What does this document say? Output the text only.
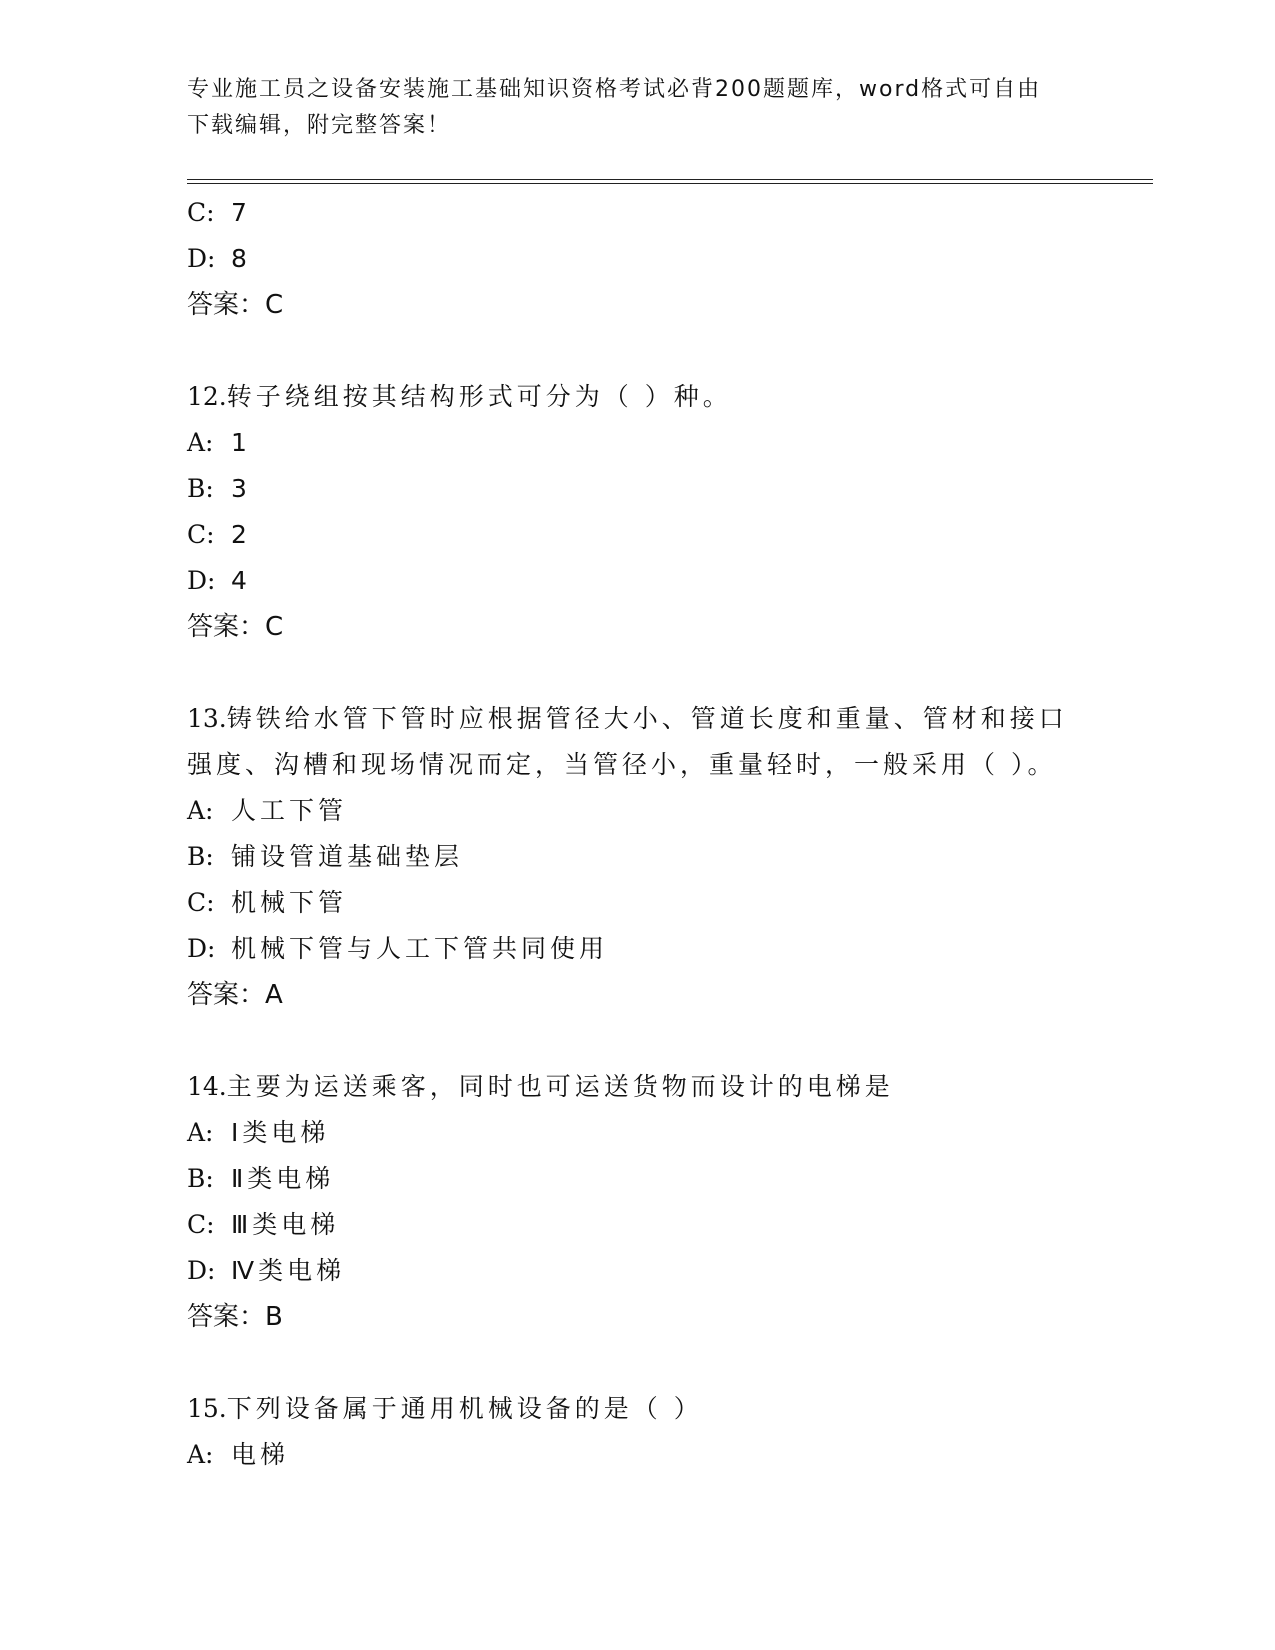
专业施工员之设备安装施工基础知识资格考试必背200题题库，word格式可自由
下载编辑，附完整答案！
C: 7
D: 8
答案：C
12.转子绕组按其结构形式可分为（ ）种。
A: 1
B: 3
C: 2
D: 4
答案：C
13.铸铁给水管下管时应根据管径大小、管道长度和重量、管材和接口
强度、沟槽和现场情况而定，当管径小，重量轻时，一般采用（ ）。
A: 人工下管
B: 铺设管道基础垫层
C: 机械下管
D: 机械下管与人工下管共同使用
答案：A
14.主要为运送乘客，同时也可运送货物而设计的电梯是
A: Ⅰ类电梯
B: Ⅱ类电梯
C: Ⅲ类电梯
D: Ⅳ类电梯
答案：B
15.下列设备属于通用机械设备的是（ ）
A: 电梯
